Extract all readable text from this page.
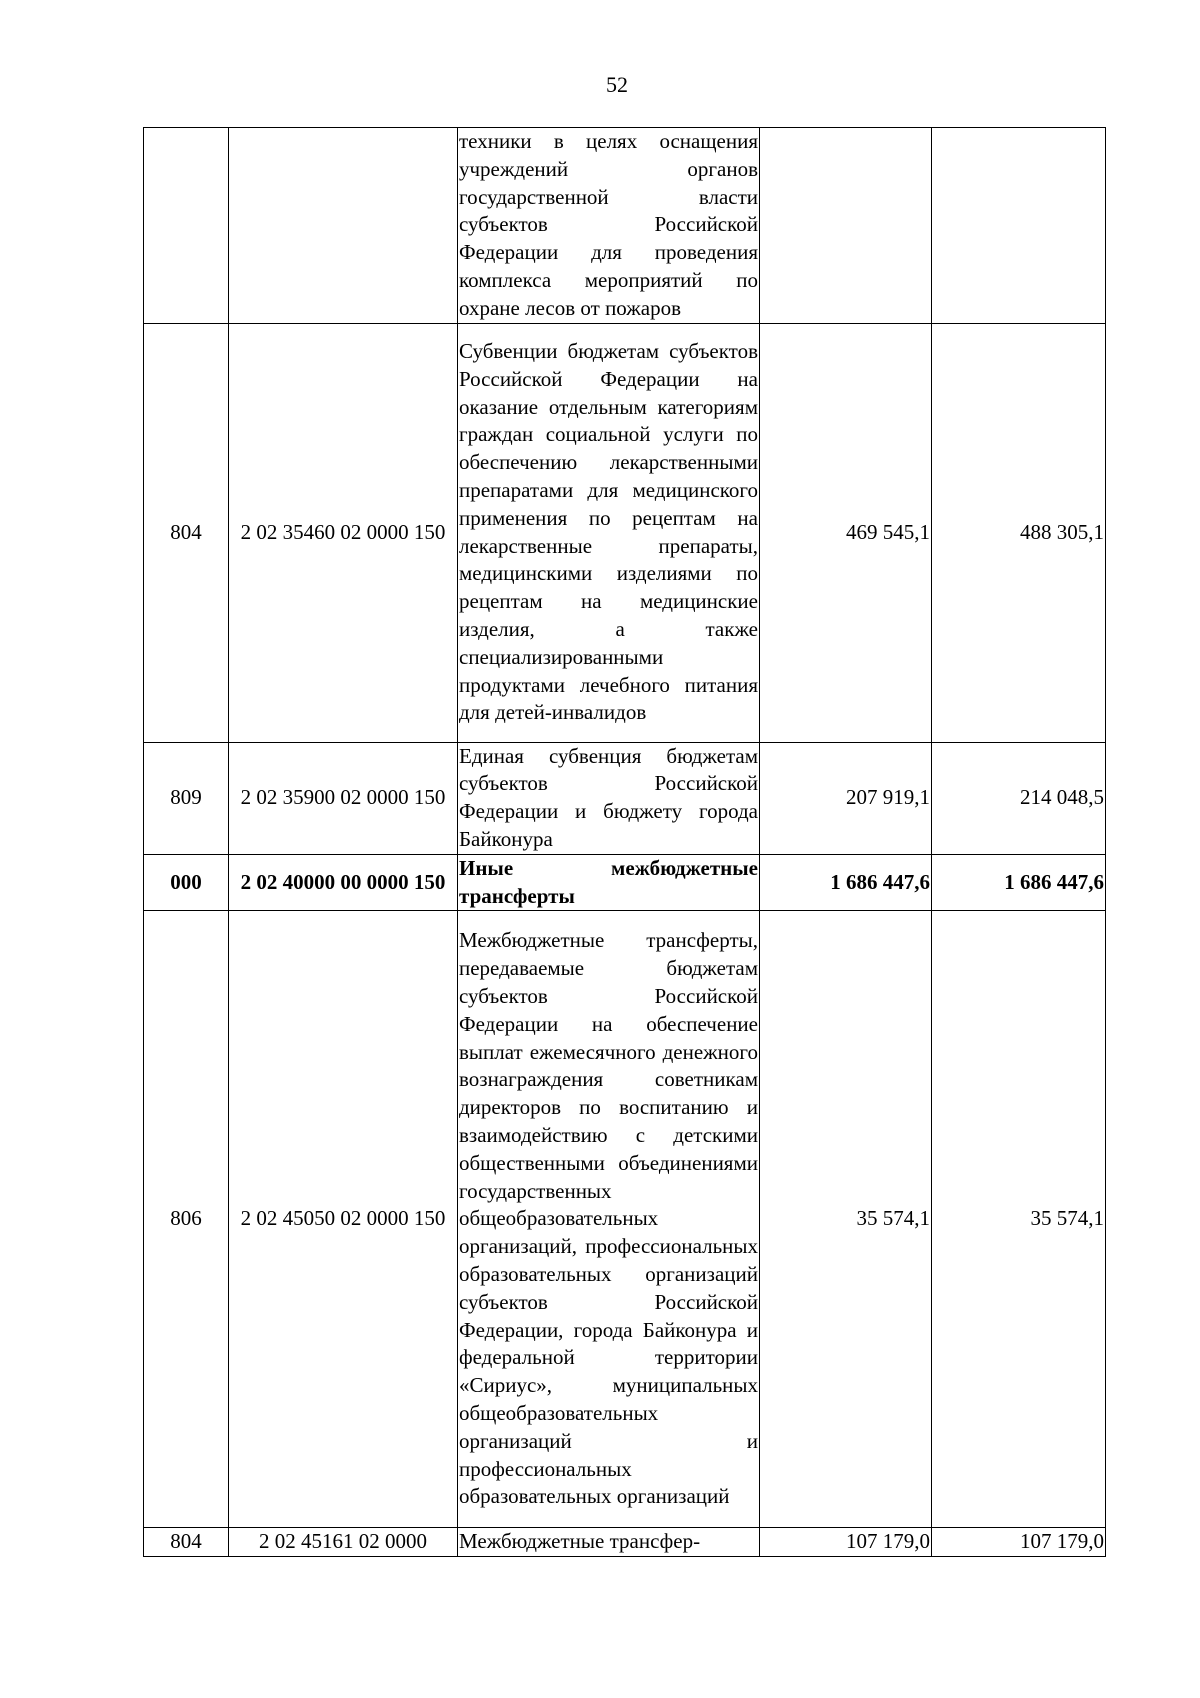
52
		техники в целях оснащения учреждений органов государственной власти субъектов Российской Федерации для проведения комплекса мероприятий по охране лесов от пожаров		
804	2 02 35460 02 0000 150	Субвенции бюджетам субъектов Российской Федерации на оказание отдельным категориям граждан социальной услуги по обеспечению лекарственными препаратами для медицинского применения по рецептам на лекарственные препараты, медицинскими изделиями по рецептам на медицинские изделия, а также специализированными продуктами лечебного питания для детей-инвалидов	469 545,1	488 305,1
809	2 02 35900 02 0000 150	Единая субвенция бюджетам субъектов Российской Федерации и бюджету города Байконура	207 919,1	214 048,5
000	2 02 40000 00 0000 150	Иные межбюджетные трансферты	1 686 447,6	1 686 447,6
806	2 02 45050 02 0000 150	Межбюджетные трансферты, передаваемые бюджетам субъектов Российской Федерации на обеспечение выплат ежемесячного денежного вознаграждения советникам директоров по воспитанию и взаимодействию с детскими общественными объединениями государственных общеобразовательных организаций, профессиональных образовательных организаций субъектов Российской Федерации, города Байконура и федеральной территории «Сириус», муниципальных общеобразовательных организаций и профессиональных образовательных организаций	35 574,1	35 574,1
804	2 02 45161 02 0000	Межбюджетные трансфер-	107 179,0	107 179,0
